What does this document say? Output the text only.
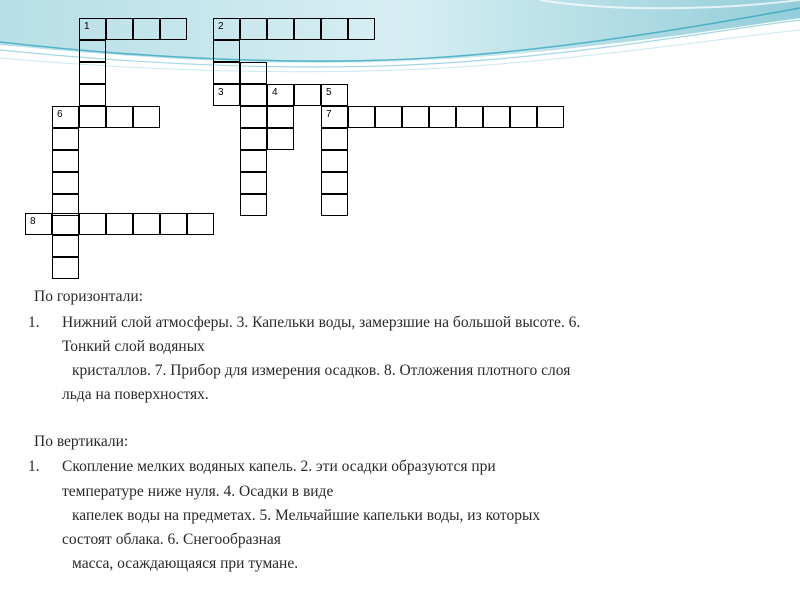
1	2
3	4	5
6	7
8
По горизонтали:
1. Нижний слой атмосферы. 3. Капельки воды, замерзшие на большой высоте. 6.
Тонкий слой водяных
кристаллов. 7. Прибор для измерения осадков. 8. Отложения плотного слоя
льда на поверхностях.
По вертикали:
1. Скопление мелких водяных капель. 2. эти осадки образуются при
температуре ниже нуля. 4. Осадки в виде
капелек воды на предметах. 5. Мельчайшие капельки воды, из которых
состоят облака. 6. Снегообразная
масса, осаждающаяся при тумане.
